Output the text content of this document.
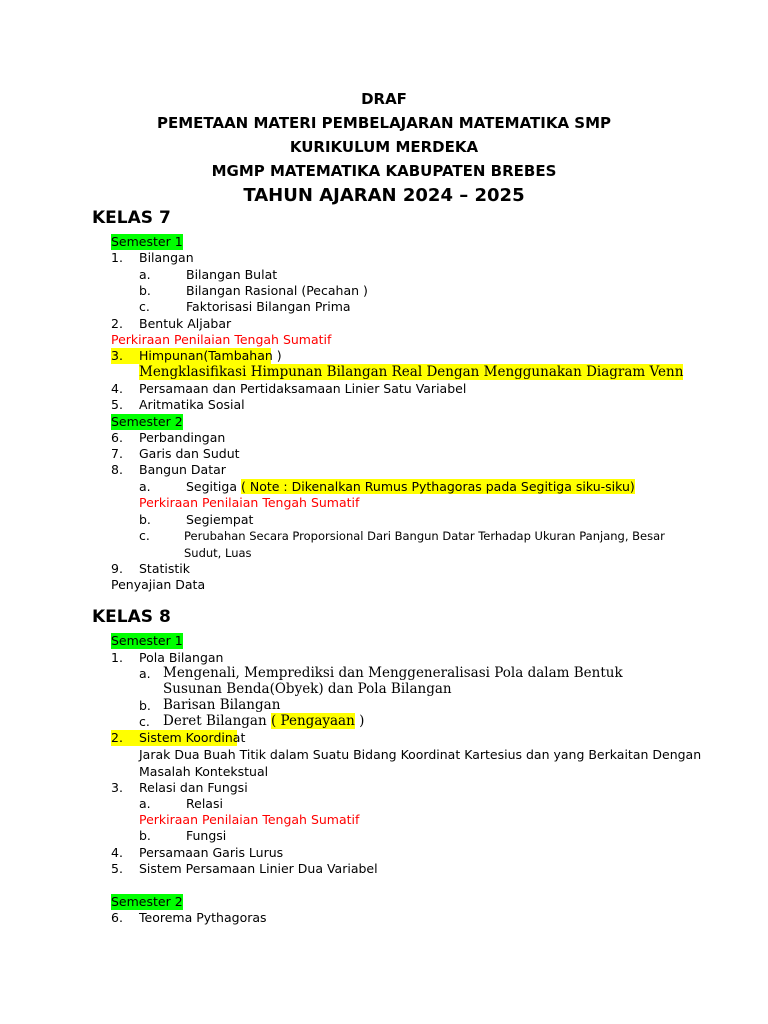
DRAF
PEMETAAN MATERI PEMBELAJARAN MATEMATIKA SMP
KURIKULUM MERDEKA
MGMP MATEMATIKA KABUPATEN BREBES
TAHUN AJARAN 2024 – 2025
KELAS 7
Semester 1
1. Bilangan
a.	Bilangan Bulat
b.	Bilangan Rasional (Pecahan )
c.	Faktorisasi Bilangan Prima
2. Bentuk Aljabar
Perkiraan Penilaian Tengah Sumatif
3. Himpunan(Tambahan )
Mengklasifikasi Himpunan Bilangan Real Dengan Menggunakan Diagram Venn
4. Persamaan dan Pertidaksamaan Linier Satu Variabel
5. Aritmatika Sosial
Semester 2
6. Perbandingan
7. Garis dan Sudut
8. Bangun Datar
a.	Segitiga ( Note : Dikenalkan Rumus Pythagoras pada Segitiga siku-siku)
Perkiraan Penilaian Tengah Sumatif
b.	Segiempat
c.	Perubahan Secara Proporsional Dari Bangun Datar Terhadap Ukuran Panjang, Besar
Sudut, Luas
9. Statistik
Penyajian Data
KELAS 8
Semester 1
1. Pola Bilangan
a. Mengenali, Memprediksi dan Menggeneralisasi Pola dalam Bentuk
Susunan Benda(Obyek) dan Pola Bilangan
b. Barisan Bilangan
c. Deret Bilangan ( Pengayaan )
2. Sistem Koordinat
Jarak Dua Buah Titik dalam Suatu Bidang Koordinat Kartesius dan yang Berkaitan Dengan
Masalah Kontekstual
3. Relasi dan Fungsi
a.	Relasi
Perkiraan Penilaian Tengah Sumatif
b.	Fungsi
4. Persamaan Garis Lurus
5. Sistem Persamaan Linier Dua Variabel
Semester 2
6. Teorema Pythagoras
